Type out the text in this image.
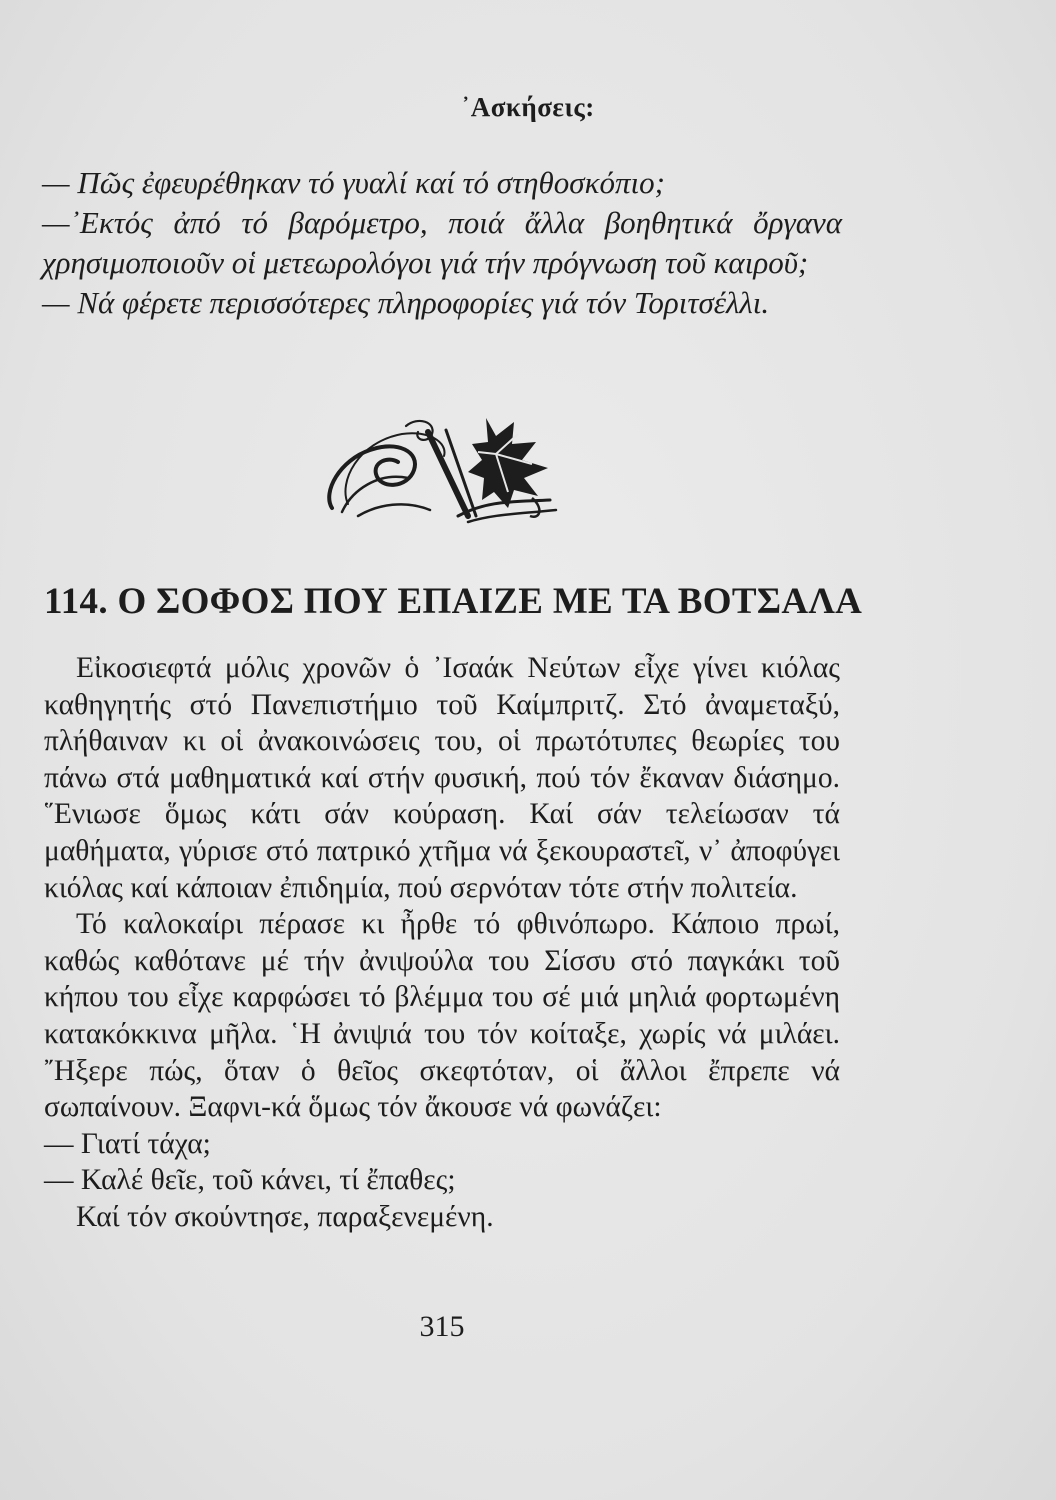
᾿Ασκήσεις:
— Πῶς ἐφευρέθηκαν τό γυαλί καί τό στηθοσκόπιο;
—᾿Εκτός ἀπό τό βαρόμετρο, ποιά ἄλλα βοηθητικά ὄργανα χρησιμοποιοῦν οἱ μετεωρολόγοι γιά τήν πρόγνωση τοῦ καιροῦ;
— Νά φέρετε περισσότερες πληροφορίες γιά τόν Τοριτσέλλι.
114. Ο ΣΟΦΟΣ ΠΟΥ ΕΠΑΙΖΕ ΜΕ ΤΑ ΒΟΤΣΑΛΑ

Εἰκοσιεφτά μόλις χρονῶν ὁ ᾿Ισαάκ Νεύτων εἶχε γίνει κιόλας καθηγητής στό Πανεπιστήμιο τοῦ Καίμπριτζ. Στό ἀναμεταξύ, πλήθαιναν κι οἱ ἀνακοινώσεις του, οἱ πρωτότυπες θεωρίες του πάνω στά μαθηματικά καί στήν φυσική, πού τόν ἔκαναν διάσημο. ῞Ενιωσε ὅμως κάτι σάν κούραση. Καί σάν τελείωσαν τά μαθήματα, γύρισε στό πατρικό χτῆμα νά ξεκουραστεῖ, ν᾿ ἀποφύγει κιόλας καί κάποιαν ἐπιδημία, πού σερνόταν τότε στήν πολιτεία.

Τό καλοκαίρι πέρασε κι ἦρθε τό φθινόπωρο. Κάποιο πρωί, καθώς καθότανε μέ τήν ἀνιψούλα του Σίσσυ στό παγκάκι τοῦ κήπου του εἶχε καρφώσει τό βλέμμα του σέ μιά μηλιά φορτωμένη κατακόκκινα μῆλα. ῾Η ἀνιψιά του τόν κοίταξε, χωρίς νά μιλάει. ῎Ηξερε πώς, ὅταν ὁ θεῖος σκεφτόταν, οἱ ἄλλοι ἔπρεπε νά σωπαίνουν. Ξαφνι-κά ὅμως τόν ἄκουσε νά φωνάζει:

— Γιατί τάχα;
— Καλέ θεῖε, τοῦ κάνει, τί ἔπαθες;
Καί τόν σκούντησε, παραξενεμένη.
315
